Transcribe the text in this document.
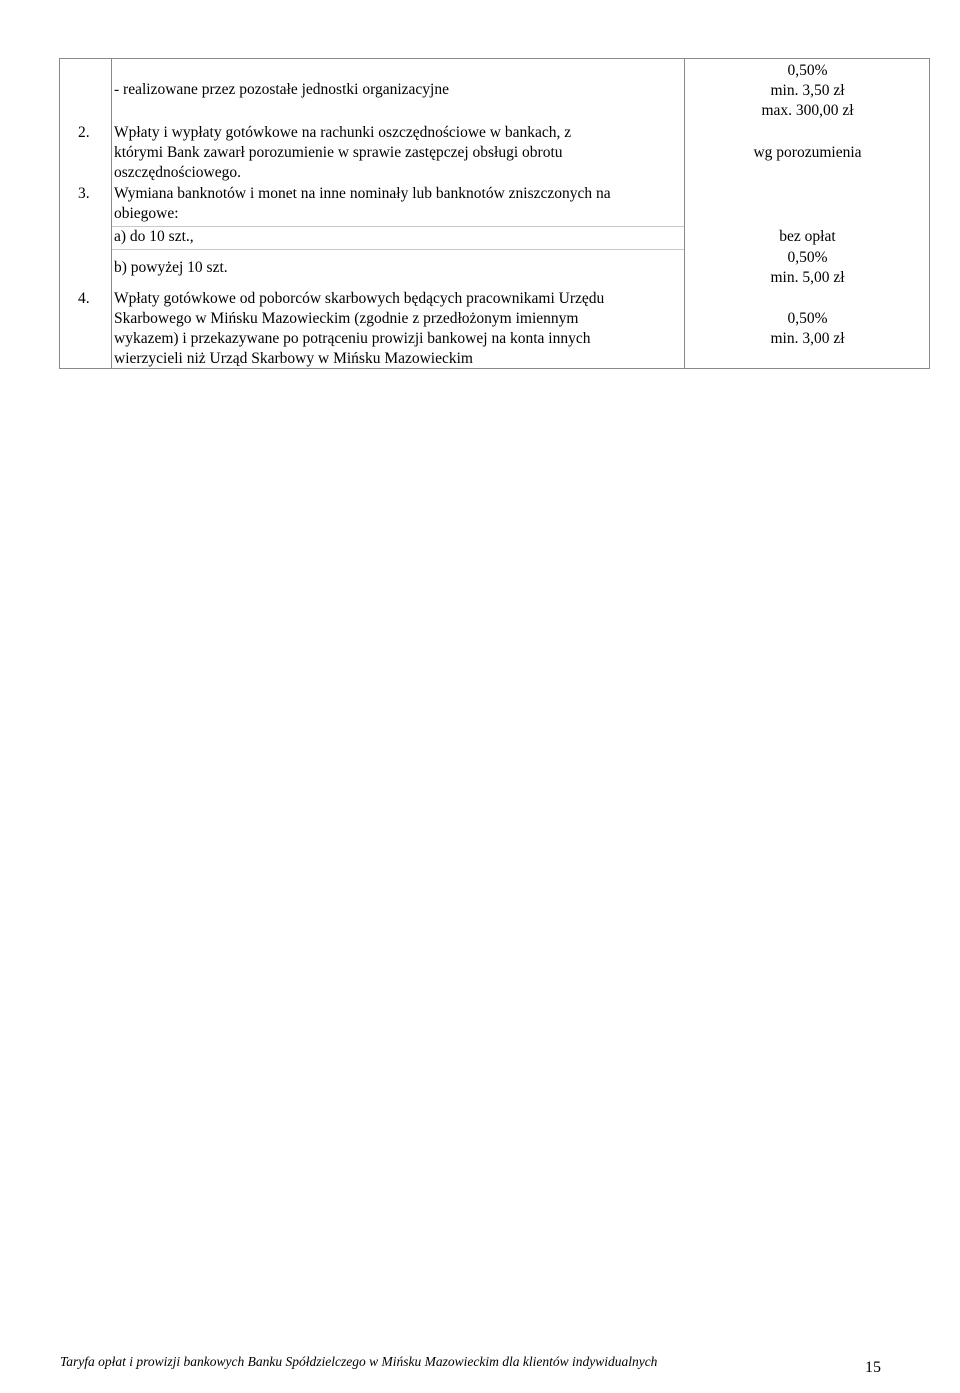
- realizowane przez pozostałe jednostki organizacyjne
0,50%
min. 3,50 zł
max. 300,00 zł
2. Wpłaty i wypłaty gotówkowe na rachunki oszczędnościowe w bankach, z
którymi Bank zawarł porozumienie w sprawie zastępczej obsługi obrotu
oszczędnościowego.
wg porozumienia
3. Wymiana banknotów i monet na inne nominały lub banknotów zniszczonych na
obiegowe:
a) do 10 szt.,	bez opłat
b) powyżej 10 szt.
0,50%
min. 5,00 zł
4. Wpłaty gotówkowe od poborców skarbowych będących pracownikami Urzędu
Skarbowego w Mińsku Mazowieckim (zgodnie z przedłożonym imiennym
wykazem) i przekazywane po potrąceniu prowizji bankowej na konta innych
wierzycieli niż Urząd Skarbowy w Mińsku Mazowieckim
0,50%
min. 3,00 zł
Taryfa opłat i prowizji bankowych Banku Spółdzielczego w Mińsku Mazowieckim dla klientów indywidualnych	15
